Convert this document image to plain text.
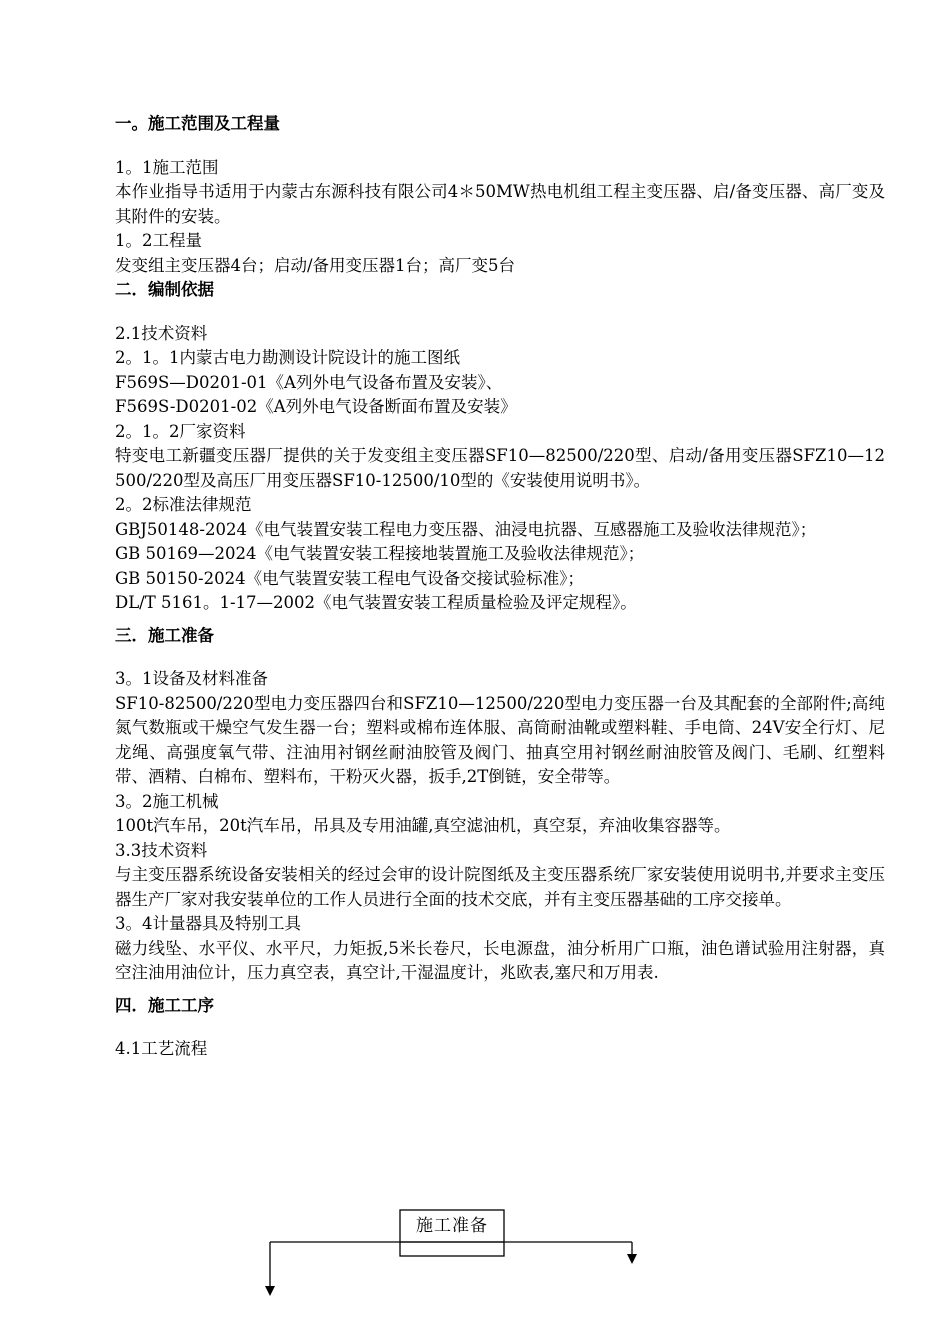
一。施工范围及工程量
1。1施工范围
本作业指导书适用于内蒙古东源科技有限公司4＊50MW热电机组工程主变压器、启/备变压器、高厂变及其附件的安装。
1。2工程量
发变组主变压器4台；启动/备用变压器1台；高厂变5台
二．编制依据
2.1技术资料
2。1。1内蒙古电力勘测设计院设计的施工图纸
F569S—D0201-01《A列外电气设备布置及安装》、
F569S-D0201-02《A列外电气设备断面布置及安装》
2。1。2厂家资料
特变电工新疆变压器厂提供的关于发变组主变压器SF10—82500/220型、启动/备用变压器SFZ10—12500/220型及高压厂用变压器SF10-12500/10型的《安装使用说明书》。
2。2标准法律规范
GBJ50148-2024《电气装置安装工程电力变压器、油浸电抗器、互感器施工及验收法律规范》；
GB 50169—2024《电气装置安装工程接地装置施工及验收法律规范》；
GB 50150-2024《电气装置安装工程电气设备交接试验标准》；
DL/T 5161。1-17—2002《电气装置安装工程质量检验及评定规程》。
三．施工准备
3。1设备及材料准备
SF10-82500/220型电力变压器四台和SFZ10—12500/220型电力变压器一台及其配套的全部附件;高纯氮气数瓶或干燥空气发生器一台；塑料或棉布连体服、高筒耐油靴或塑料鞋、手电筒、24V安全行灯、尼龙绳、高强度氧气带、注油用衬钢丝耐油胶管及阀门、抽真空用衬钢丝耐油胶管及阀门、毛刷、红塑料带、酒精、白棉布、塑料布，干粉灭火器，扳手,2T倒链，安全带等。
3。2施工机械
100t汽车吊，20t汽车吊，吊具及专用油罐,真空滤油机，真空泵，弃油收集容器等。
3.3技术资料
与主变压器系统设备安装相关的经过会审的设计院图纸及主变压器系统厂家安装使用说明书,并要求主变压器生产厂家对我安装单位的工作人员进行全面的技术交底，并有主变压器基础的工序交接单。
3。4计量器具及特别工具
磁力线坠、水平仪、水平尺，力矩扳,5米长卷尺，长电源盘，油分析用广口瓶，油色谱试验用注射器，真空注油用油位计，压力真空表，真空计,干湿温度计，兆欧表,塞尺和万用表.
四．施工工序
4.1工艺流程
施工准备
